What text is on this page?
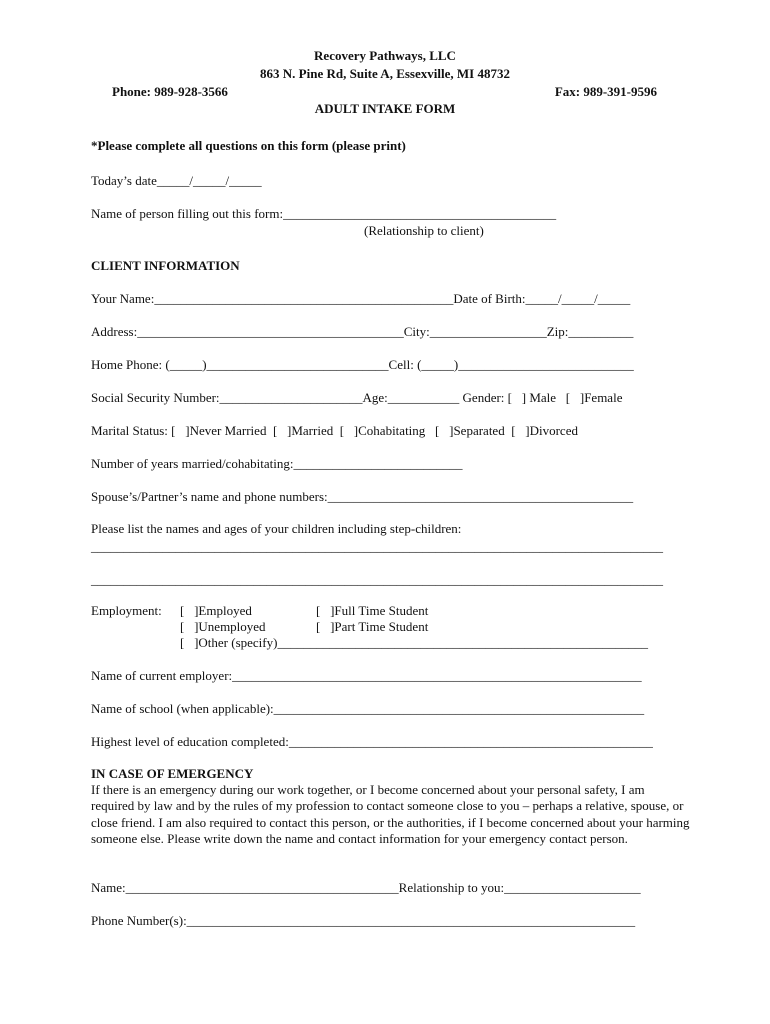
Recovery Pathways, LLC
863 N. Pine Rd, Suite A, Essexville, MI 48732
Phone: 989-928-3566	Fax: 989-391-9596
ADULT INTAKE FORM
*Please complete all questions on this form (please print)
Today’s date_____/_____/_____
Name of person filling out this form:__________________________________________
(Relationship to client)
CLIENT INFORMATION
Your Name:______________________________________________Date of Birth:_____/_____/_____
Address:_________________________________________City:__________________Zip:__________
Home Phone: (_____)____________________________Cell: (_____)___________________________
Social Security Number:______________________Age:___________ Gender: [   ] Male   [   ]Female
Marital Status: [   ]Never Married  [   ]Married  [   ]Cohabitating   [   ]Separated  [   ]Divorced
Number of years married/cohabitating:__________________________
Spouse’s/Partner’s name and phone numbers:_______________________________________________
Please list the names and ages of your children including step-children:
________________________________________________________________________________________
________________________________________________________________________________________
Employment: [   ]Employed
[   ]Unemployed
[   ]Other (specify)_________________________________________________________
[   ]Full Time Student
[   ]Part Time Student
Name of current employer:_______________________________________________________________
Name of school (when applicable):_________________________________________________________
Highest level of education completed:________________________________________________________
IN CASE OF EMERGENCY
If there is an emergency during our work together, or I become concerned about your personal safety, I am required by law and by the rules of my profession to contact someone close to you – perhaps a relative, spouse, or close friend. I am also required to contact this person, or the authorities, if I become concerned about your harming someone else. Please write down the name and contact information for your emergency contact person.
Name:__________________________________________Relationship to you:_____________________
Phone Number(s):_____________________________________________________________________
